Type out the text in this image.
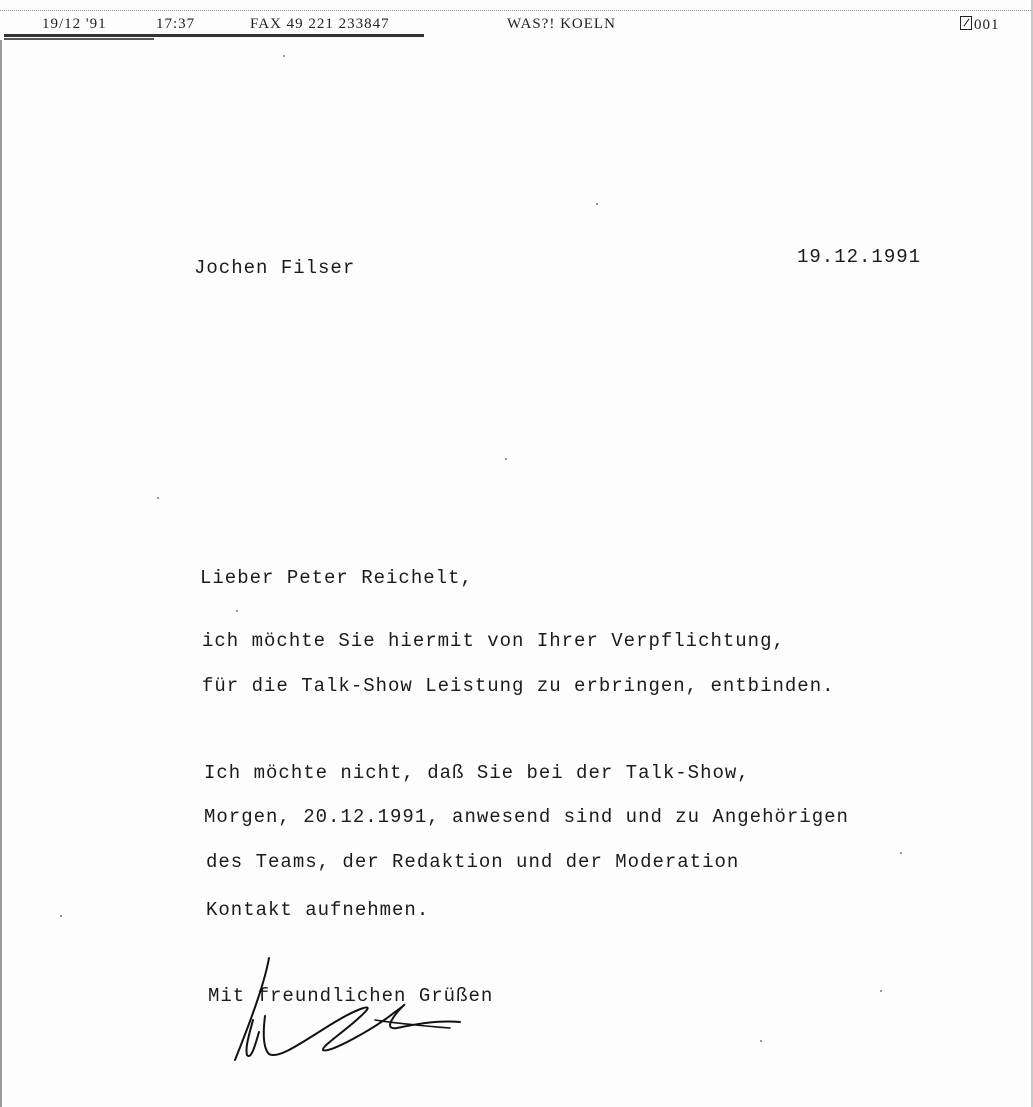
19/12 '91	17:37	FAX 49 221 233847	WAS?! KOELN	001
Jochen Filser	19.12.1991
Lieber Peter Reichelt,
ich möchte Sie hiermit von Ihrer Verpflichtung,
für die Talk-Show Leistung zu erbringen, entbinden.
Ich möchte nicht, daß Sie bei der Talk-Show,
Morgen, 20.12.1991, anwesend sind und zu Angehörigen
des Teams, der Redaktion und der Moderation
Kontakt aufnehmen.
Mit freundlichen Grüßen
